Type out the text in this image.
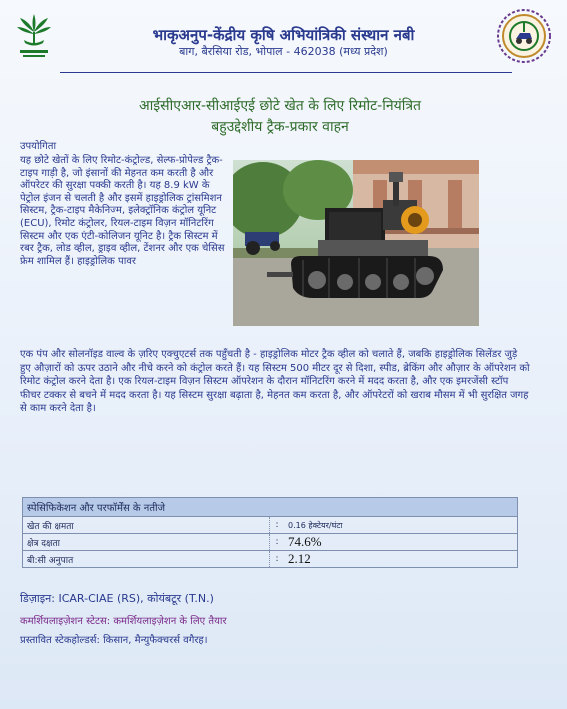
भाकृअनुप-केंद्रीय कृषि अभियांत्रिकी संस्थान नबी
बाग, बैरसिया रोड, भोपाल - 462038 (मध्य प्रदेश)
आईसीएआर-सीआईएई छोटे खेत के लिए रिमोट-नियंत्रित
बहुउद्देशीय ट्रैक-प्रकार वाहन
उपयोगिता
यह छोटे खेतों के लिए रिमोट-कंट्रोल्ड, सेल्फ-प्रोपेल्ड ट्रैक-टाइप गाड़ी है, जो इंसानों की मेहनत कम करती है और ऑपरेटर की सुरक्षा पक्की करती है। यह 8.9 kW के पेट्रोल इंजन से चलती है और इसमें हाइड्रोलिक ट्रांसमिशन सिस्टम, ट्रैक-टाइप मैकेनिज्म, इलेक्ट्रॉनिक कंट्रोल यूनिट (ECU), रिमोट कंट्रोलर, रियल-टाइम विज़न मॉनिटरिंग सिस्टम और एक एंटी-कोलिजन यूनिट है। ट्रैक सिस्टम में रबर ट्रैक, लोड व्हील, ड्राइव व्हील, टेंशनर और एक चेसिस फ्रेम शामिल हैं। हाइड्रोलिक पावर
एक पंप और सोलनॉइड वाल्व के ज़रिए एक्चुएटर्स तक पहुँचती है - हाइड्रोलिक मोटर ट्रैक व्हील को चलाते हैं, जबकि हाइड्रोलिक सिलेंडर जुड़े हुए औज़ारों को ऊपर उठाने और नीचे करने को कंट्रोल करते हैं। यह सिस्टम 500 मीटर दूर से दिशा, स्पीड, ब्रेकिंग और औज़ार के ऑपरेशन को रिमोट कंट्रोल करने देता है। एक रियल-टाइम विज़न सिस्टम ऑपरेशन के दौरान मॉनिटरिंग करने में मदद करता है, और एक इमरजेंसी स्टॉप फीचर टक्कर से बचने में मदद करता है। यह सिस्टम सुरक्षा बढ़ाता है, मेहनत कम करता है, और ऑपरेटरों को खराब मौसम में भी सुरक्षित जगह से काम करने देता है।
स्पेसिफिकेशन और परफॉर्मेंस के नतीजे		
खेत की क्षमता	:	0.16 हेक्टेयर/घंटा
क्षेत्र दक्षता	:	74.6%
बी:सी अनुपात	:	2.12
डिज़ाइन: ICAR-CIAE (RS), कोयंबटूर (T.N.)
कमर्शियलाइज़ेशन स्टेटस: कमर्शियलाइज़ेशन के लिए तैयार
प्रस्तावित स्टेकहोल्डर्स: किसान, मैन्युफैक्चरर्स वगैरह।
